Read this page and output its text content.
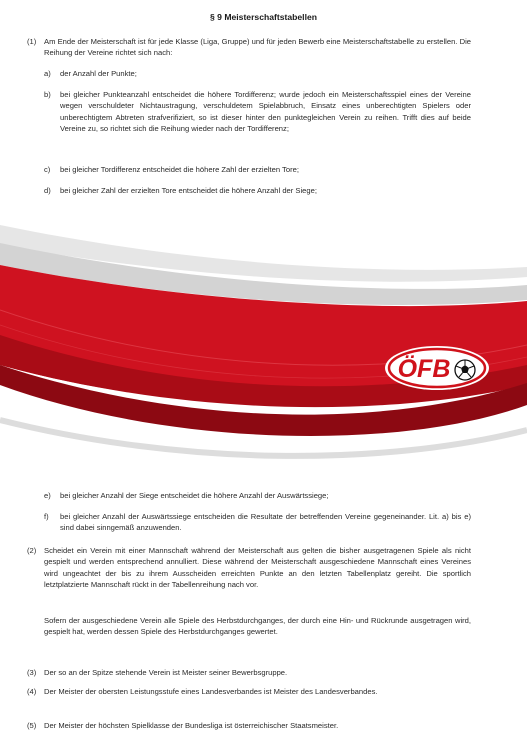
§ 9 Meisterschaftstabellen
(1) Am Ende der Meisterschaft ist für jede Klasse (Liga, Gruppe) und für jeden Bewerb eine Meisterschaftstabelle zu erstellen. Die Reihung der Vereine richtet sich nach:
a) der Anzahl der Punkte;
b) bei gleicher Punkteanzahl entscheidet die höhere Tordifferenz; wurde jedoch ein Meisterschaftsspiel eines der Vereine wegen verschuldeter Nichtaustragung, verschuldetem Spielabbruch, Einsatz eines unberechtigten Spielers oder unberechtigtem Abtreten strafverifiziert, so ist dieser hinter den punktegleichen Verein zu reihen. Trifft dies auf beide Vereine zu, so richtet sich die Reihung wieder nach der Tordifferenz;
c) bei gleicher Tordifferenz entscheidet die höhere Zahl der erzielten Tore;
d) bei gleicher Zahl der erzielten Tore entscheidet die höhere Anzahl der Siege;
ÖFB
e) bei gleicher Anzahl der Siege entscheidet die höhere Anzahl der Auswärtssiege;
f) bei gleicher Anzahl der Auswärtssiege entscheiden die Resultate der betreffenden Vereine gegeneinander. Lit. a) bis e) sind dabei sinngemäß anzuwenden.
(2) Scheidet ein Verein mit einer Mannschaft während der Meisterschaft aus gelten die bisher ausgetragenen Spiele als nicht gespielt und werden entsprechend annulliert. Diese während der Meisterschaft ausgeschiedene Mannschaft eines Vereines wird ungeachtet der bis zu ihrem Ausscheiden erreichten Punkte an den letzten Tabellenplatz gereiht. Die sportlich letztplatzierte Mannschaft rückt in der Tabellenreihung nach vor.
Sofern der ausgeschiedene Verein alle Spiele des Herbstdurchganges, der durch eine Hin- und Rückrunde ausgetragen wird, gespielt hat, werden dessen Spiele des Herbstdurchganges gewertet.
(3) Der so an der Spitze stehende Verein ist Meister seiner Bewerbsgruppe.
(4) Der Meister der obersten Leistungsstufe eines Landesverbandes ist Meister des Landesverbandes.
(5) Der Meister der höchsten Spielklasse der Bundesliga ist österreichischer Staatsmeister.
